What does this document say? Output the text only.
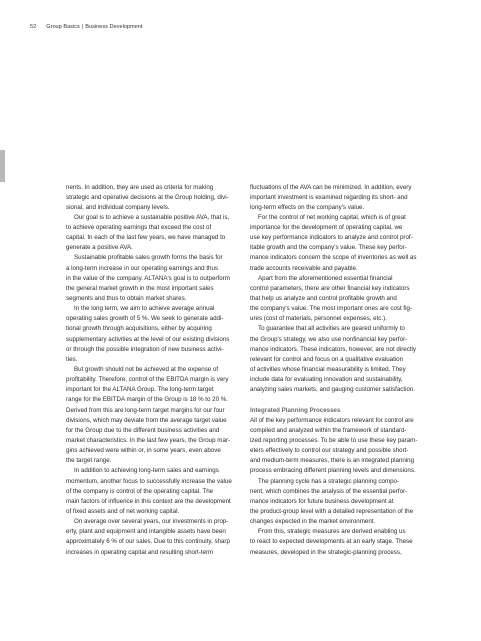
52 Group Basics | Business Development
nents. In addition, they are used as criteria for making
strategic and operative decisions at the Group holding, divi-
sional, and individual company levels.
Our goal is to achieve a sustainable positive AVA, that is,
to achieve operating earnings that exceed the cost of
capital. In each of the last few years, we have managed to
generate a positive AVA.
Sustainable profitable sales growth forms the basis for
a long-term increase in our operating earnings and thus
in the value of the company. ALTANA's goal is to outperform
the general market growth in the most important sales
segments and thus to obtain market shares.
In the long term, we aim to achieve average annual
operating sales growth of 5 %. We seek to generate addi-
tional growth through acquisitions, either by acquiring
supplementary activities at the level of our existing divisions
or through the possible integration of new business activi-
ties.
But growth should not be achieved at the expense of
profitability. Therefore, control of the EBITDA margin is very
important for the ALTANA Group. The long-term target
range for the EBITDA margin of the Group is 18 % to 20 %.
Derived from this are long-term target margins for our four
divisions, which may deviate from the average target value
for the Group due to the different business activities and
market characteristics. In the last few years, the Group mar-
gins achieved were within or, in some years, even above
the target range.
In addition to achieving long-term sales and earnings
momentum, another focus to successfully increase the value
of the company is control of the operating capital. The
main factors of influence in this context are the development
of fixed assets and of net working capital.
On average over several years, our investments in prop-
erty, plant and equipment and intangible assets have been
approximately 6 % of our sales. Due to this continuity, sharp
increases in operating capital and resulting short-term
fluctuations of the AVA can be minimized. In addition, every
important investment is examined regarding its short- and
long-term effects on the company's value.
For the control of net working capital, which is of great
importance for the development of operating capital, we
use key performance indicators to analyze and control prof-
itable growth and the company's value. These key perfor-
mance indicators concern the scope of inventories as well as
trade accounts receivable and payable.
Apart from the aforementioned essential financial
control parameters, there are other financial key indicators
that help us analyze and control profitable growth and
the company's value. The most important ones are cost fig-
ures (cost of materials, personnel expenses, etc.).
To guarantee that all activities are geared uniformly to
the Group's strategy, we also use nonfinancial key perfor-
mance indicators. These indicators, however, are not directly
relevant for control and focus on a qualitative evaluation
of activities whose financial measurability is limited. They
include data for evaluating innovation and sustainability,
analyzing sales markets, and gauging customer satisfaction.
Integrated Planning Processes
All of the key performance indicators relevant for control are
compiled and analyzed within the framework of standard-
ized reporting processes. To be able to use these key param-
eters effectively to control our strategy and possible short-
and medium-term measures, there is an integrated planning
process embracing different planning levels and dimensions.
The planning cycle has a strategic planning compo-
nent, which combines the analysis of the essential perfor-
mance indicators for future business development at
the product-group level with a detailed representation of the
changes expected in the market environment.
From this, strategic measures are derived enabling us
to react to expected developments at an early stage. These
measures, developed in the strategic-planning process,
